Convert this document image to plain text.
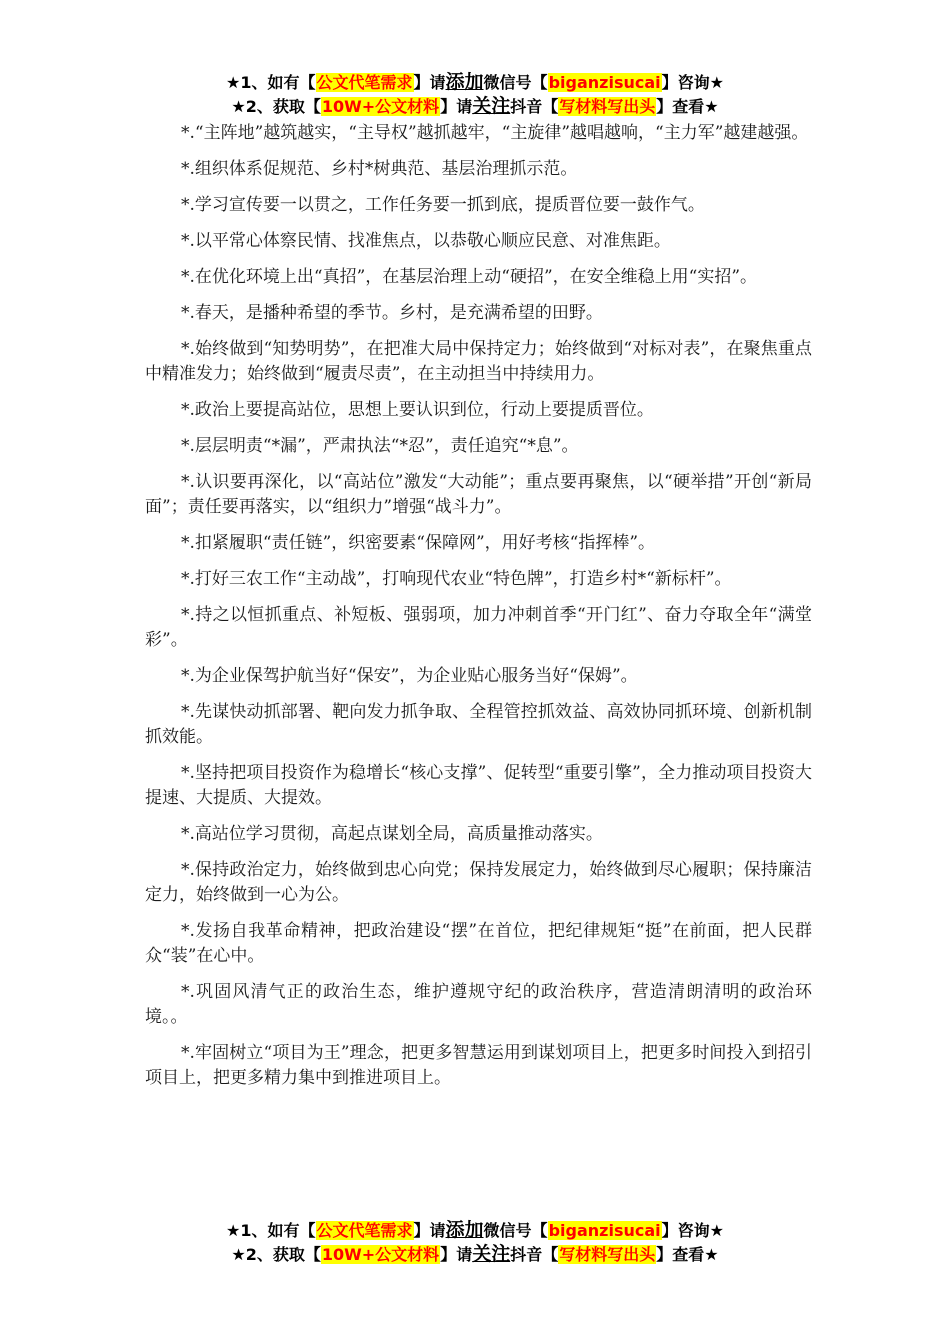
★1、如有【公文代笔需求】请添加微信号【biganzisucai】咨询★
★2、获取【10W+公文材料】请关注抖音【写材料写出头】查看★

*.“主阵地”越筑越实，“主导权”越抓越牢，“主旋律”越唱越响，“主力军”越建越强。

*.组织体系促规范、乡村*树典范、基层治理抓示范。

*.学习宣传要一以贯之，工作任务要一抓到底，提质晋位要一鼓作气。

*.以平常心体察民情、找准焦点，以恭敬心顺应民意、对准焦距。

*.在优化环境上出“真招”，在基层治理上动“硬招”，在安全维稳上用“实招”。

*.春天，是播种希望的季节。乡村，是充满希望的田野。

*.始终做到“知势明势”，在把准大局中保持定力；始终做到“对标对表”，在聚焦重点中精准发力；始终做到“履责尽责”，在主动担当中持续用力。

*.政治上要提高站位，思想上要认识到位，行动上要提质晋位。

*.层层明责“*漏”，严肃执法“*忍”，责任追究“*息”。

*.认识要再深化，以“高站位”激发“大动能”；重点要再聚焦，以“硬举措”开创“新局面”；责任要再落实，以“组织力”增强“战斗力”。

*.扣紧履职“责任链”，织密要素“保障网”，用好考核“指挥棒”。

*.打好三农工作“主动战”，打响现代农业“特色牌”，打造乡村*“新标杆”。

*.持之以恒抓重点、补短板、强弱项，加力冲刺首季“开门红”、奋力夺取全年“满堂彩”。

*.为企业保驾护航当好“保安”，为企业贴心服务当好“保姆”。

*.先谋快动抓部署、靶向发力抓争取、全程管控抓效益、高效协同抓环境、创新机制抓效能。

*.坚持把项目投资作为稳增长“核心支撑”、促转型“重要引擎”，全力推动项目投资大提速、大提质、大提效。

*.高站位学习贯彻，高起点谋划全局，高质量推动落实。

*.保持政治定力，始终做到忠心向党；保持发展定力，始终做到尽心履职；保持廉洁定力，始终做到一心为公。

*.发扬自我革命精神，把政治建设“摆”在首位，把纪律规矩“挺”在前面，把人民群众“装”在心中。

*.巩固风清气正的政治生态，维护遵规守纪的政治秩序，营造清朗清明的政治环境。。

*.牢固树立“项目为王”理念，把更多智慧运用到谋划项目上，把更多时间投入到招引项目上，把更多精力集中到推进项目上。

★1、如有【公文代笔需求】请添加微信号【biganzisucai】咨询★
★2、获取【10W+公文材料】请关注抖音【写材料写出头】查看★
